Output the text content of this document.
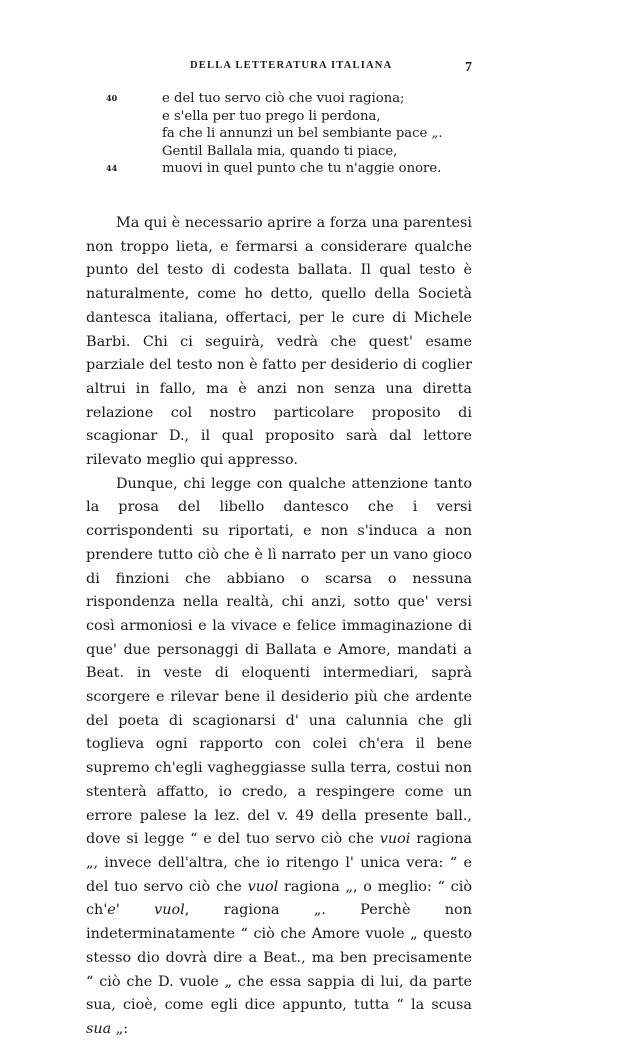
DELLA LETTERATURA ITALIANA	7
40	e del tuo servo ciò che vuoi ragiona;
e s'ella per tuo prego li perdona,
fa che li annunzi un bel sembiante pace „.
Gentil Ballala mia, quando ti piace,
44	muovi in quel punto che tu n'aggie onore.

Ma qui è necessario aprire a forza una parentesi non troppo lieta, e fermarsi a considerare qualche punto del testo di codesta ballata. Il qual testo è naturalmente, come ho detto, quello della Società dantesca italiana, offertaci, per le cure di Michele Barbi. Chi ci seguirà, vedrà che quest' esame parziale del testo non è fatto per desiderio di coglier altrui in fallo, ma è anzi non senza una diretta relazione col nostro particolare proposito di scagionar D., il qual proposito sarà dal lettore rilevato meglio qui appresso.

Dunque, chi legge con qualche attenzione tanto la prosa del libello dantesco che i versi corrispondenti su riportati, e non s'induca a non prendere tutto ciò che è lì narrato per un vano gioco di finzioni che abbiano o scarsa o nessuna rispondenza nella realtà, chi anzi, sotto que' versi così armoniosi e la vivace e felice immaginazione di que' due personaggi di Ballata e Amore, mandati a Beat. in veste di eloquenti intermediari, saprà scorgere e rilevar bene il desiderio più che ardente del poeta di scagionarsi d' una calunnia che gli toglieva ogni rapporto con colei ch'era il bene supremo ch'egli vagheggiasse sulla terra, costui non stenterà affatto, io credo, a respingere come un errore palese la lez. del v. 49 della presente ball., dove si legge “ e del tuo servo ciò che vuoi ragiona „, invece dell'altra, che io ritengo l' unica vera: “ e del tuo servo ciò che vuol ragiona „, o meglio: “ ciò ch'e' vuol, ragiona „. Perchè non indeterminatamente “ ciò che Amore vuole „ questo stesso dio dovrà dire a Beat., ma ben precisamente “ ciò che D. vuole „ che essa sappia di lui, da parte sua, cioè, come egli dice appunto, tutta “ la scusa sua „:
